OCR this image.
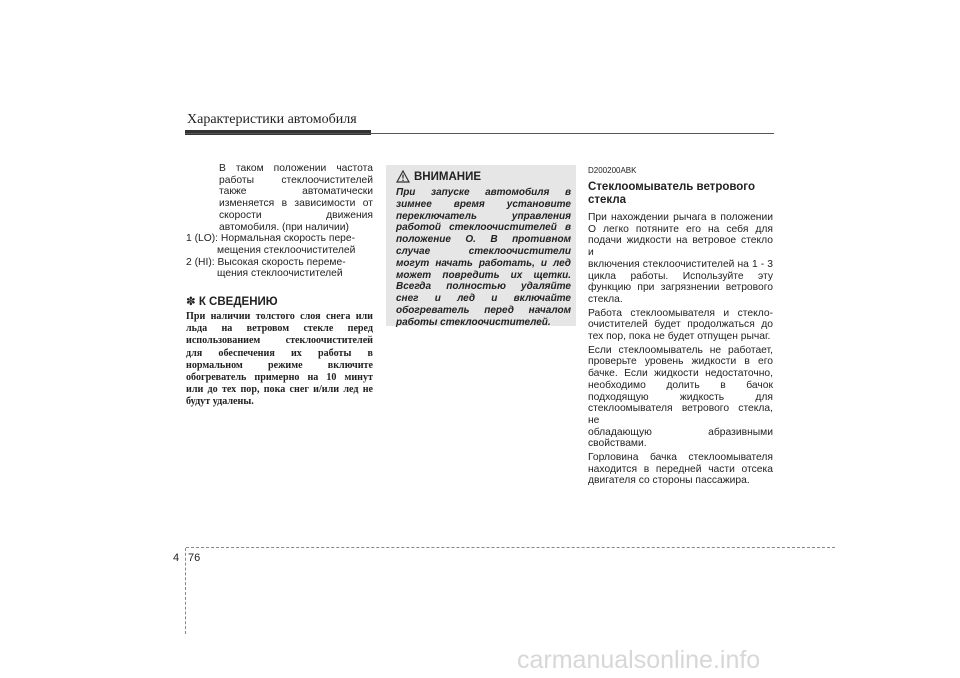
Характеристики автомобиля
В таком положении частота
работы стеклоочистителей
также автоматически
изменяется в зависимости от
скорости движения
автомобиля. (при наличии)
1 (LO): Нормальная скорость пере-
мещения стеклоочистителей
2 (HI): Высокая скорость переме-
щения стеклоочистителей
✽ К СВЕДЕНИЮ
При наличии толстого слоя снега или
льда на ветровом стекле перед
использованием стеклоочистителей
для обеспечения их работы в
нормальном режиме включите
обогреватель примерно на 10 минут
или до тех пор, пока снег и/или лед не
будут удалены.
ВНИМАНИЕ
При запуске автомобиля в
зимнее время установите
переключатель управления
работой стеклоочистителей в
положение O. В противном
случае стеклоочистители
могут начать работать, и лед
может повредить их щетки.
Всегда полностью удаляйте
снег и лед и включайте
обогреватель перед началом
работы стеклоочистителей.
D200200ABK
Стеклоомыватель ветрового
стекла

При нахождении рычага в положении
O легко потяните его на себя для
подачи жидкости на ветровое стекло и
включения стеклоочистителей на 1 - 3
цикла работы. Используйте эту
функцию при загрязнении ветрового
стекла.

Работа стеклоомывателя и стекло-
очистителей будет продолжаться до
тех пор, пока не будет отпущен рычаг.

Если стеклоомыватель не работает,
проверьте уровень жидкости в его
бачке. Если жидкости недостаточно,
необходимо долить в бачок
подходящую жидкость для
стеклоомывателя ветрового стекла, не
обладающую абразивными
свойствами.

Горловина бачка стеклоомывателя
находится в передней части отсека
двигателя со стороны пассажира.

4 76
carmanualsonline.info
